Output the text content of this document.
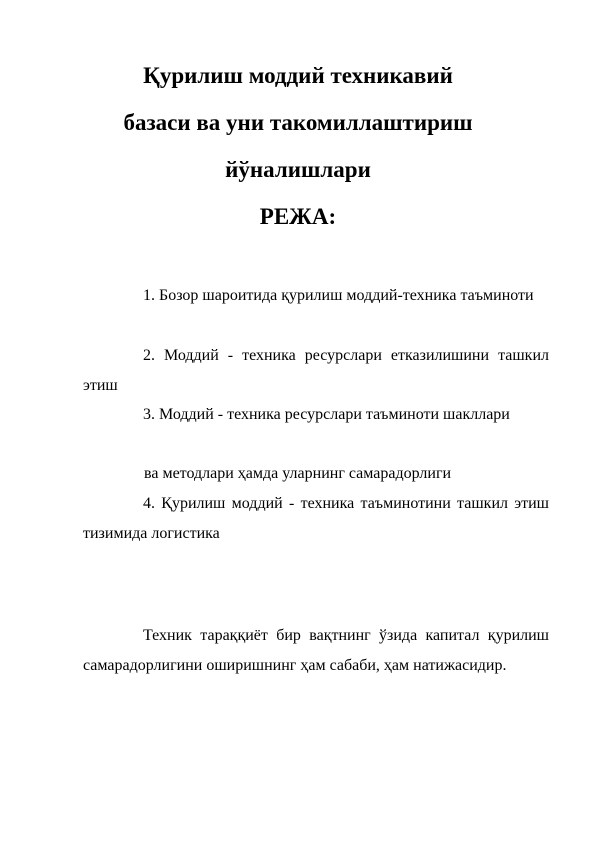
Қурилиш моддий техникавий
базаси ва уни такомиллаштириш
йўналишлари
РЕЖА:

1. Бозор шароитида қурилиш моддий-техника таъминоти

2. Моддий - техника ресурслари етказилишини ташкил этиш

3. Моддий - техника ресурслари таъминоти шакллари

ва методлари ҳамда уларнинг самарадорлиги

4. Қурилиш моддий - техника таъминотини ташкил этиш тизимида логистика

Техник тараққиёт бир вақтнинг ўзида капитал қурилиш самарадорлигини оширишнинг ҳам сабаби, ҳам натижасидир.
